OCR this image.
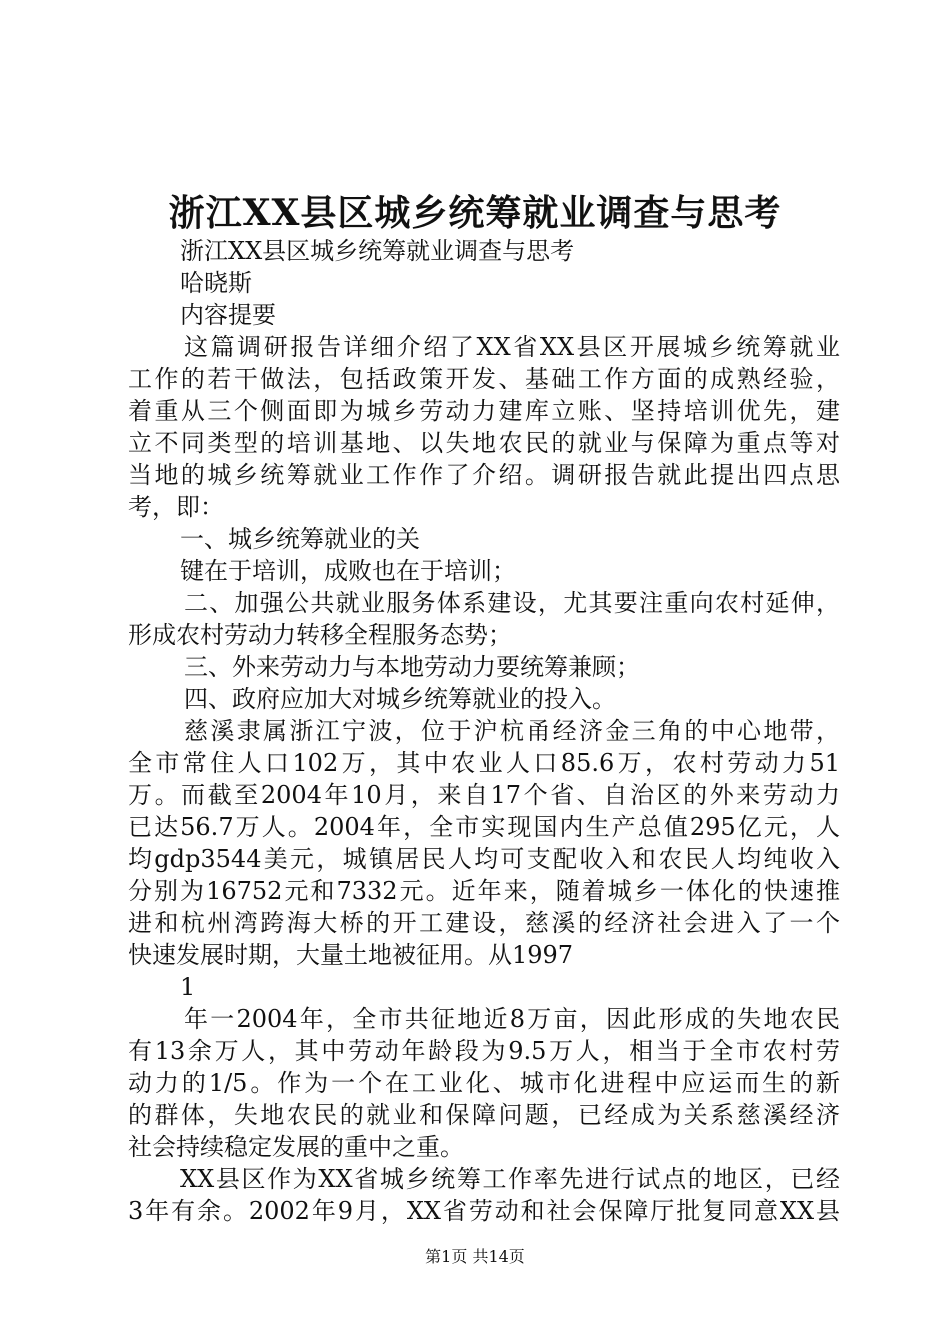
浙江XX县区城乡统筹就业调查与思考
浙江XX县区城乡统筹就业调查与思考
哈晓斯
内容提要
这篇调研报告详细介绍了XX省XX县区开展城乡统筹就业
工作的若干做法，包括政策开发、基础工作方面的成熟经验，
着重从三个侧面即为城乡劳动力建库立账、坚持培训优先，建
立不同类型的培训基地、以失地农民的就业与保障为重点等对
当地的城乡统筹就业工作作了介绍。调研报告就此提出四点思
考，即：
一、城乡统筹就业的关
键在于培训，成败也在于培训；
二、加强公共就业服务体系建设，尤其要注重向农村延伸，
形成农村劳动力转移全程服务态势；
三、外来劳动力与本地劳动力要统筹兼顾；
四、政府应加大对城乡统筹就业的投入。
慈溪隶属浙江宁波，位于沪杭甬经济金三角的中心地带，
全市常住人口102万，其中农业人口85.6万，农村劳动力51
万。而截至2004年10月，来自17个省、自治区的外来劳动力
已达56.7万人。2004年，全市实现国内生产总值295亿元，人
均gdp3544美元，城镇居民人均可支配收入和农民人均纯收入
分别为16752元和7332元。近年来，随着城乡一体化的快速推
进和杭州湾跨海大桥的开工建设，慈溪的经济社会进入了一个
快速发展时期，大量土地被征用。从1997
1
年一2004年，全市共征地近8万亩，因此形成的失地农民
有13余万人，其中劳动年龄段为9.5万人，相当于全市农村劳
动力的1/5。作为一个在工业化、城市化进程中应运而生的新
的群体，失地农民的就业和保障问题，已经成为关系慈溪经济
社会持续稳定发展的重中之重。
XX县区作为XX省城乡统筹工作率先进行试点的地区，已经
3年有余。2002年9月，XX省劳动和社会保障厅批复同意XX县
第1页 共14页
